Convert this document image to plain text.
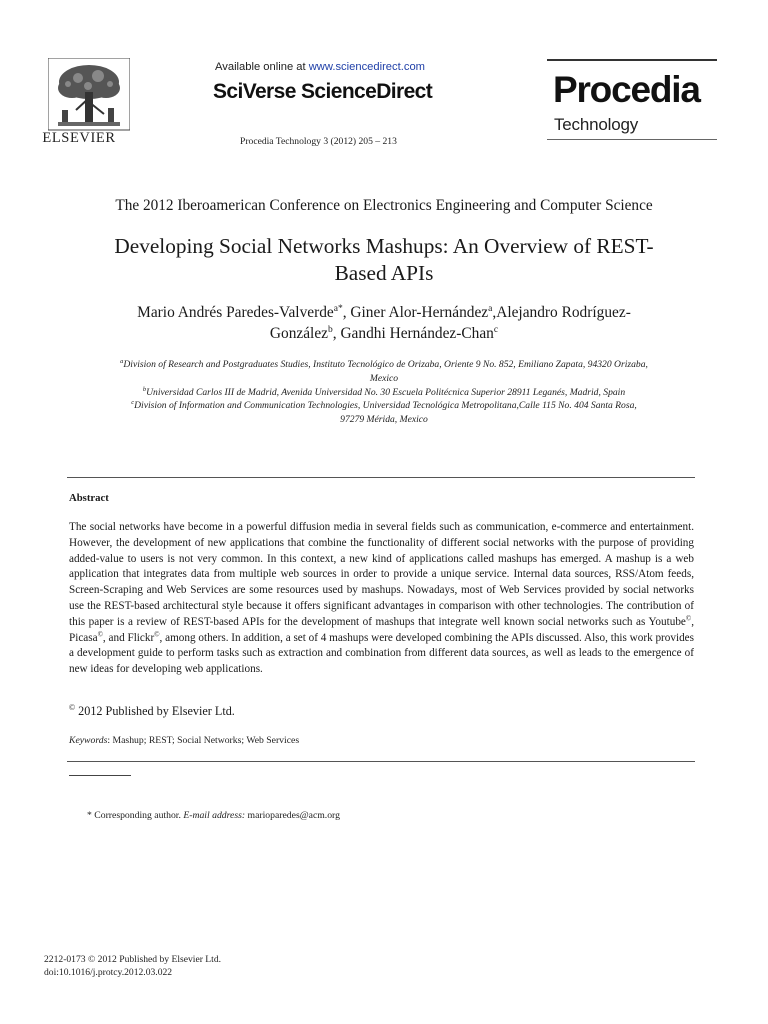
ELSEVIER
Available online at www.sciencedirect.com
SciVerse ScienceDirect
Procedia Technology 3 (2012) 205 – 213
Procedia
Technology
The 2012 Iberoamerican Conference on Electronics Engineering and Computer Science
Developing Social Networks Mashups: An Overview of REST-
Based APIs
Mario Andrés Paredes-Valverde$^{a*}$, Giner Alor-Hernández$^a$,Alejandro Rodríguez-
González$^b$, Gandhi Hernández-Chan$^c$
$^a$Division of Research and Postgraduates Studies, Instituto Tecnológico de Orizaba, Oriente 9 No. 852, Emiliano Zapata, 94320 Orizaba,
Mexico
$^b$Universidad Carlos III de Madrid, Avenida Universidad No. 30 Escuela Politécnica Superior 28911 Leganés, Madrid, Spain
$^c$Division of Information and Communication Technologies, Universidad Tecnológica Metropolitana,Calle 115 No. 404 Santa Rosa,
97279 Mérida, Mexico
Abstract
The social networks have become in a powerful diffusion media in several fields such as communication, e-commerce and entertainment. However, the development of new applications that combine the functionality of different social networks with the purpose of providing added-value to users is not very common. In this context, a new kind of applications called mashups has emerged. A mashup is a web application that integrates data from multiple web sources in order to provide a unique service. Internal data sources, RSS/Atom feeds, Screen-Scraping and Web Services are some resources used by mashups. Nowadays, most of Web Services provided by social networks use the REST-based architectural style because it offers significant advantages in comparison with other technologies. The contribution of this paper is a review of REST-based APIs for the development of mashups that integrate well known social networks such as Youtube©, Picasa©, and Flickr©, among others. In addition, a set of 4 mashups were developed combining the APIs discussed. Also, this work provides a development guide to perform tasks such as extraction and combination from different data sources, as well as leads to the emergence of new ideas for developing web applications.
© 2012 Published by Elsevier Ltd.
Keywords: Mashup; REST; Social Networks; Web Services
* Corresponding author. E-mail address: marioparedes@acm.org
2212-0173 © 2012 Published by Elsevier Ltd.
doi:10.1016/j.protcy.2012.03.022
